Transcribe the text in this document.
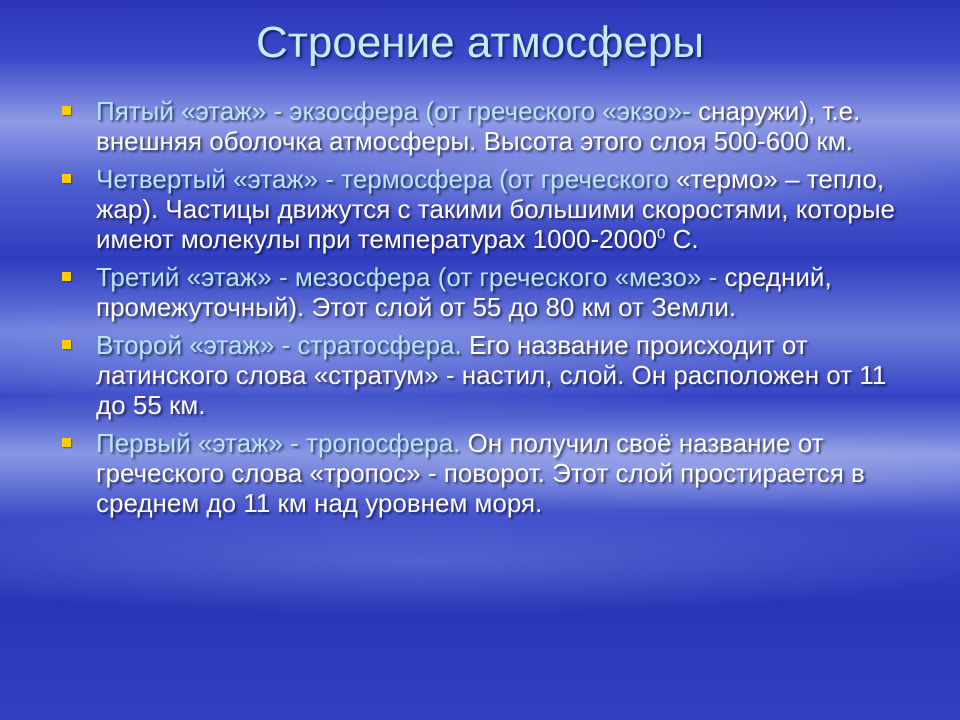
Строение атмосферы
Пятый «этаж» - экзосфера (от греческого «экзо»- снаружи), т.е. внешняя оболочка атмосферы. Высота этого слоя 500-600 км.
Четвертый «этаж» - термосфера (от греческого «термо» – тепло, жар). Частицы движутся с такими большими скоростями, которые имеют молекулы при температурах 1000-2000$^0$ С.
Третий «этаж» - мезосфера (от греческого «мезо» - средний, промежуточный). Этот слой от 55 до 80 км от Земли.
Второй «этаж» - стратосфера. Его название происходит от латинского слова «стратум» - настил, слой. Он расположен от 11 до 55 км.
Первый «этаж» - тропосфера. Он получил своё название от греческого слова «тропос» - поворот. Этот слой простирается в среднем до 11 км над уровнем моря.
